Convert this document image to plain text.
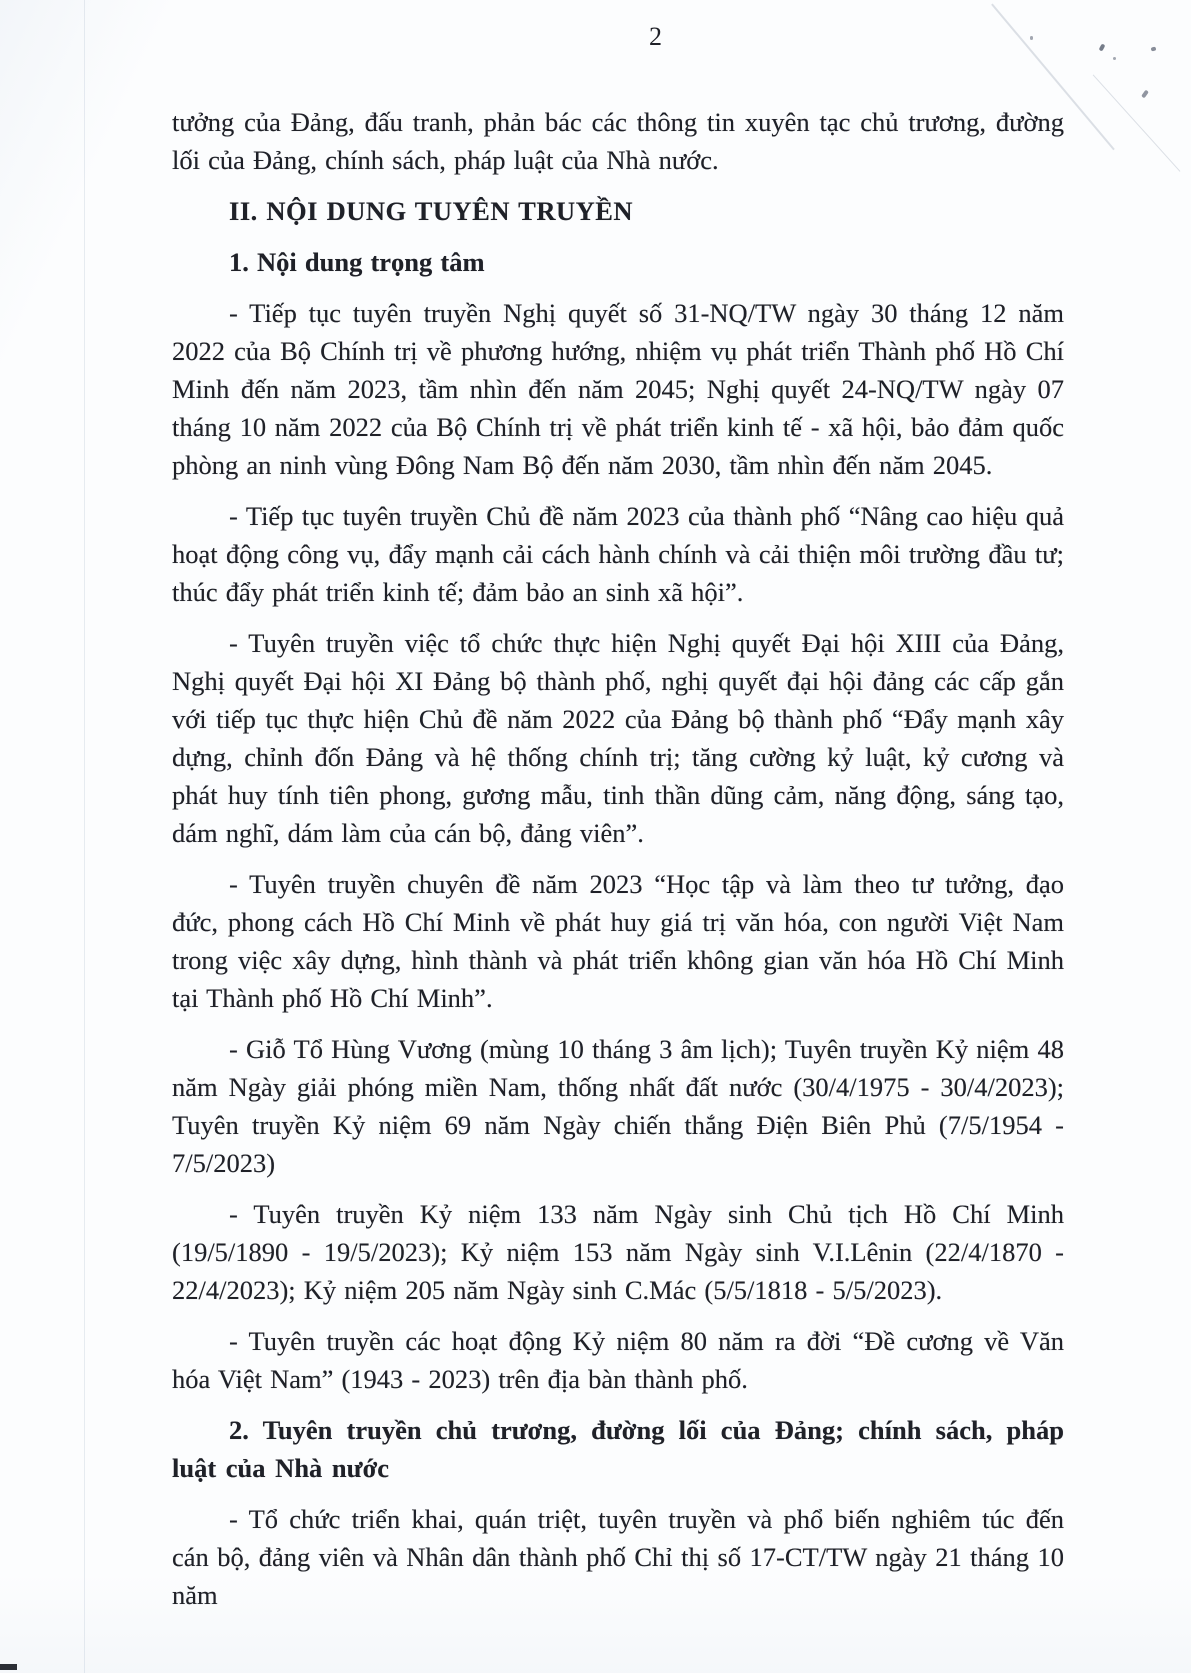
2

tưởng của Đảng, đấu tranh, phản bác các thông tin xuyên tạc chủ trương, đường lối của Đảng, chính sách, pháp luật của Nhà nước.

II. NỘI DUNG TUYÊN TRUYỀN

1. Nội dung trọng tâm

- Tiếp tục tuyên truyền Nghị quyết số 31-NQ/TW ngày 30 tháng 12 năm 2022 của Bộ Chính trị về phương hướng, nhiệm vụ phát triển Thành phố Hồ Chí Minh đến năm 2023, tầm nhìn đến năm 2045; Nghị quyết 24-NQ/TW ngày 07 tháng 10 năm 2022 của Bộ Chính trị về phát triển kinh tế - xã hội, bảo đảm quốc phòng an ninh vùng Đông Nam Bộ đến năm 2030, tầm nhìn đến năm 2045.

- Tiếp tục tuyên truyền Chủ đề năm 2023 của thành phố “Nâng cao hiệu quả hoạt động công vụ, đẩy mạnh cải cách hành chính và cải thiện môi trường đầu tư; thúc đẩy phát triển kinh tế; đảm bảo an sinh xã hội”.

- Tuyên truyền việc tổ chức thực hiện Nghị quyết Đại hội XIII của Đảng, Nghị quyết Đại hội XI Đảng bộ thành phố, nghị quyết đại hội đảng các cấp gắn với tiếp tục thực hiện Chủ đề năm 2022 của Đảng bộ thành phố “Đẩy mạnh xây dựng, chỉnh đốn Đảng và hệ thống chính trị; tăng cường kỷ luật, kỷ cương và phát huy tính tiên phong, gương mẫu, tinh thần dũng cảm, năng động, sáng tạo, dám nghĩ, dám làm của cán bộ, đảng viên”.

- Tuyên truyền chuyên đề năm 2023 “Học tập và làm theo tư tưởng, đạo đức, phong cách Hồ Chí Minh về phát huy giá trị văn hóa, con người Việt Nam trong việc xây dựng, hình thành và phát triển không gian văn hóa Hồ Chí Minh tại Thành phố Hồ Chí Minh”.

- Giỗ Tổ Hùng Vương (mùng 10 tháng 3 âm lịch); Tuyên truyền Kỷ niệm 48 năm Ngày giải phóng miền Nam, thống nhất đất nước (30/4/1975 - 30/4/2023); Tuyên truyền Kỷ niệm 69 năm Ngày chiến thắng Điện Biên Phủ (7/5/1954 - 7/5/2023)

- Tuyên truyền Kỷ niệm 133 năm Ngày sinh Chủ tịch Hồ Chí Minh (19/5/1890 - 19/5/2023); Kỷ niệm 153 năm Ngày sinh V.I.Lênin (22/4/1870 - 22/4/2023); Kỷ niệm 205 năm Ngày sinh C.Mác (5/5/1818 - 5/5/2023).

- Tuyên truyền các hoạt động Kỷ niệm 80 năm ra đời “Đề cương về Văn hóa Việt Nam” (1943 - 2023) trên địa bàn thành phố.

2. Tuyên truyền chủ trương, đường lối của Đảng; chính sách, pháp luật của Nhà nước

- Tổ chức triển khai, quán triệt, tuyên truyền và phổ biến nghiêm túc đến cán bộ, đảng viên và Nhân dân thành phố Chỉ thị số 17-CT/TW ngày 21 tháng 10 năm
